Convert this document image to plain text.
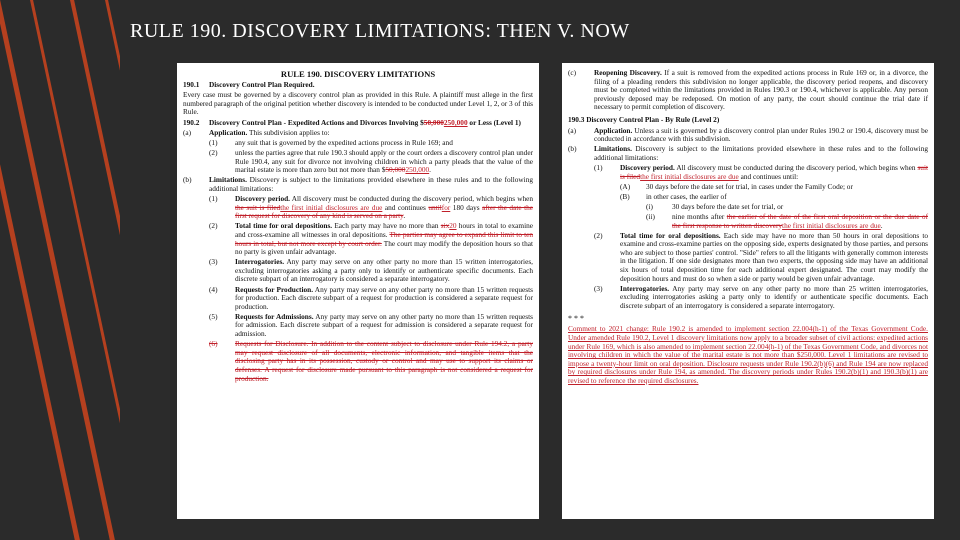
RULE 190. DISCOVERY LIMITATIONS: THEN V. NOW
RULE 190. DISCOVERY LIMITATIONS
190.1	Discovery Control Plan Required.
Every case must be governed by a discovery control plan as provided in this Rule. A plaintiff must allege in the first numbered paragraph of the original petition whether discovery is intended to be conducted under Level 1, 2, or 3 of this Rule.
190.2	Discovery Control Plan - Expedited Actions and Divorces Involving $50,000250,000 or Less (Level 1)
(a)	Application. This subdivision applies to:
(1)	any suit that is governed by the expedited actions process in Rule 169; and
(2)	unless the parties agree that rule 190.3 should apply or the court orders a discovery control plan under Rule 190.4, any suit for divorce not involving children in which a party pleads that the value of the marital estate is more than zero but not more than $50,000250,000.
(b)	Limitations. Discovery is subject to the limitations provided elsewhere in these rules and to the following additional limitations:
(1)	Discovery period. All discovery must be conducted during the discovery period, which begins when the suit is filedthe first initial disclosures are due and continues untilfor 180 days after the date the first request for discovery of any kind is served on a party.
(2)	Total time for oral depositions. Each party may have no more than six20 hours in total to examine and cross-examine all witnesses in oral depositions. The parties may agree to expand this limit to ten hours in total, but not more except by court order. The court may modify the deposition hours so that no party is given unfair advantage.
(3)	Interrogatories. Any party may serve on any other party no more than 15 written interrogatories, excluding interrogatories asking a party only to identify or authenticate specific documents. Each discrete subpart of an interrogatory is considered a separate interrogatory.
(4)	Requests for Production. Any party may serve on any other party no more than 15 written requests for production. Each discrete subpart of a request for production is considered a separate request for production.
(5)	Requests for Admissions. Any party may serve on any other party no more than 15 written requests for admission. Each discrete subpart of a request for admission is considered a separate request for admission.
(6)	Requests for Disclosure. In addition to the content subject to disclosure under Rule 194.2, a party may request disclosure of all documents, electronic information, and tangible items that the disclosing party has in its possession, custody or control and may use to support its claims or defenses. A request for disclosure made pursuant to this paragraph is not considered a request for production.
(c)	Reopening Discovery. If a suit is removed from the expedited actions process in Rule 169 or, in a divorce, the filing of a pleading renders this subdivision no longer applicable, the discovery period reopens, and discovery must be completed within the limitations provided in Rules 190.3 or 190.4, whichever is applicable. Any person previously deposed may be redeposed. On motion of any party, the court should continue the trial date if necessary to permit completion of discovery.
190.3 Discovery Control Plan - By Rule (Level 2)
(a)	Application. Unless a suit is governed by a discovery control plan under Rules 190.2 or 190.4, discovery must be conducted in accordance with this subdivision.
(b)	Limitations. Discovery is subject to the limitations provided elsewhere in these rules and to the following additional limitations:
(1)	Discovery period. All discovery must be conducted during the discovery period, which begins when suit is filedthe first initial disclosures are due and continues until:
(A)	30 days before the date set for trial, in cases under the Family Code; or
(B)	in other cases, the earlier of
(i)	30 days before the date set for trial, or
(ii)	nine months after the earlier of the date of the first oral deposition or the due date of the first response to written discoverythe first initial disclosures are due.
(2)	Total time for oral depositions. Each side may have no more than 50 hours in oral depositions to examine and cross-examine parties on the opposing side, experts designated by those parties, and persons who are subject to those parties' control. "Side" refers to all the litigants with generally common interests in the litigation. If one side designates more than two experts, the opposing side may have an additional six hours of total deposition time for each additional expert designated. The court may modify the deposition hours and must do so when a side or party would be given unfair advantage.
(3)	Interrogatories. Any party may serve on any other party no more than 25 written interrogatories, excluding interrogatories asking a party only to identify or authenticate specific documents. Each discrete subpart of an interrogatory is considered a separate interrogatory.
* * *
Comment to 2021 change: Rule 190.2 is amended to implement section 22.004(h-1) of the Texas Government Code. Under amended Rule 190.2, Level 1 discovery limitations now apply to a broader subset of civil actions: expedited actions under Rule 169, which is also amended to implement section 22.004(h-1) of the Texas Government Code, and divorces not involving children in which the value of the marital estate is not more than $250,000. Level 1 limitations are revised to impose a twenty-hour limit on oral deposition. Disclosure requests under Rule 190.2(b)(6) and Rule 194 are now replaced by required disclosures under Rule 194, as amended. The discovery periods under Rules 190.2(b)(1) and 190.3(b)(1) are revised to reference the required disclosures.
